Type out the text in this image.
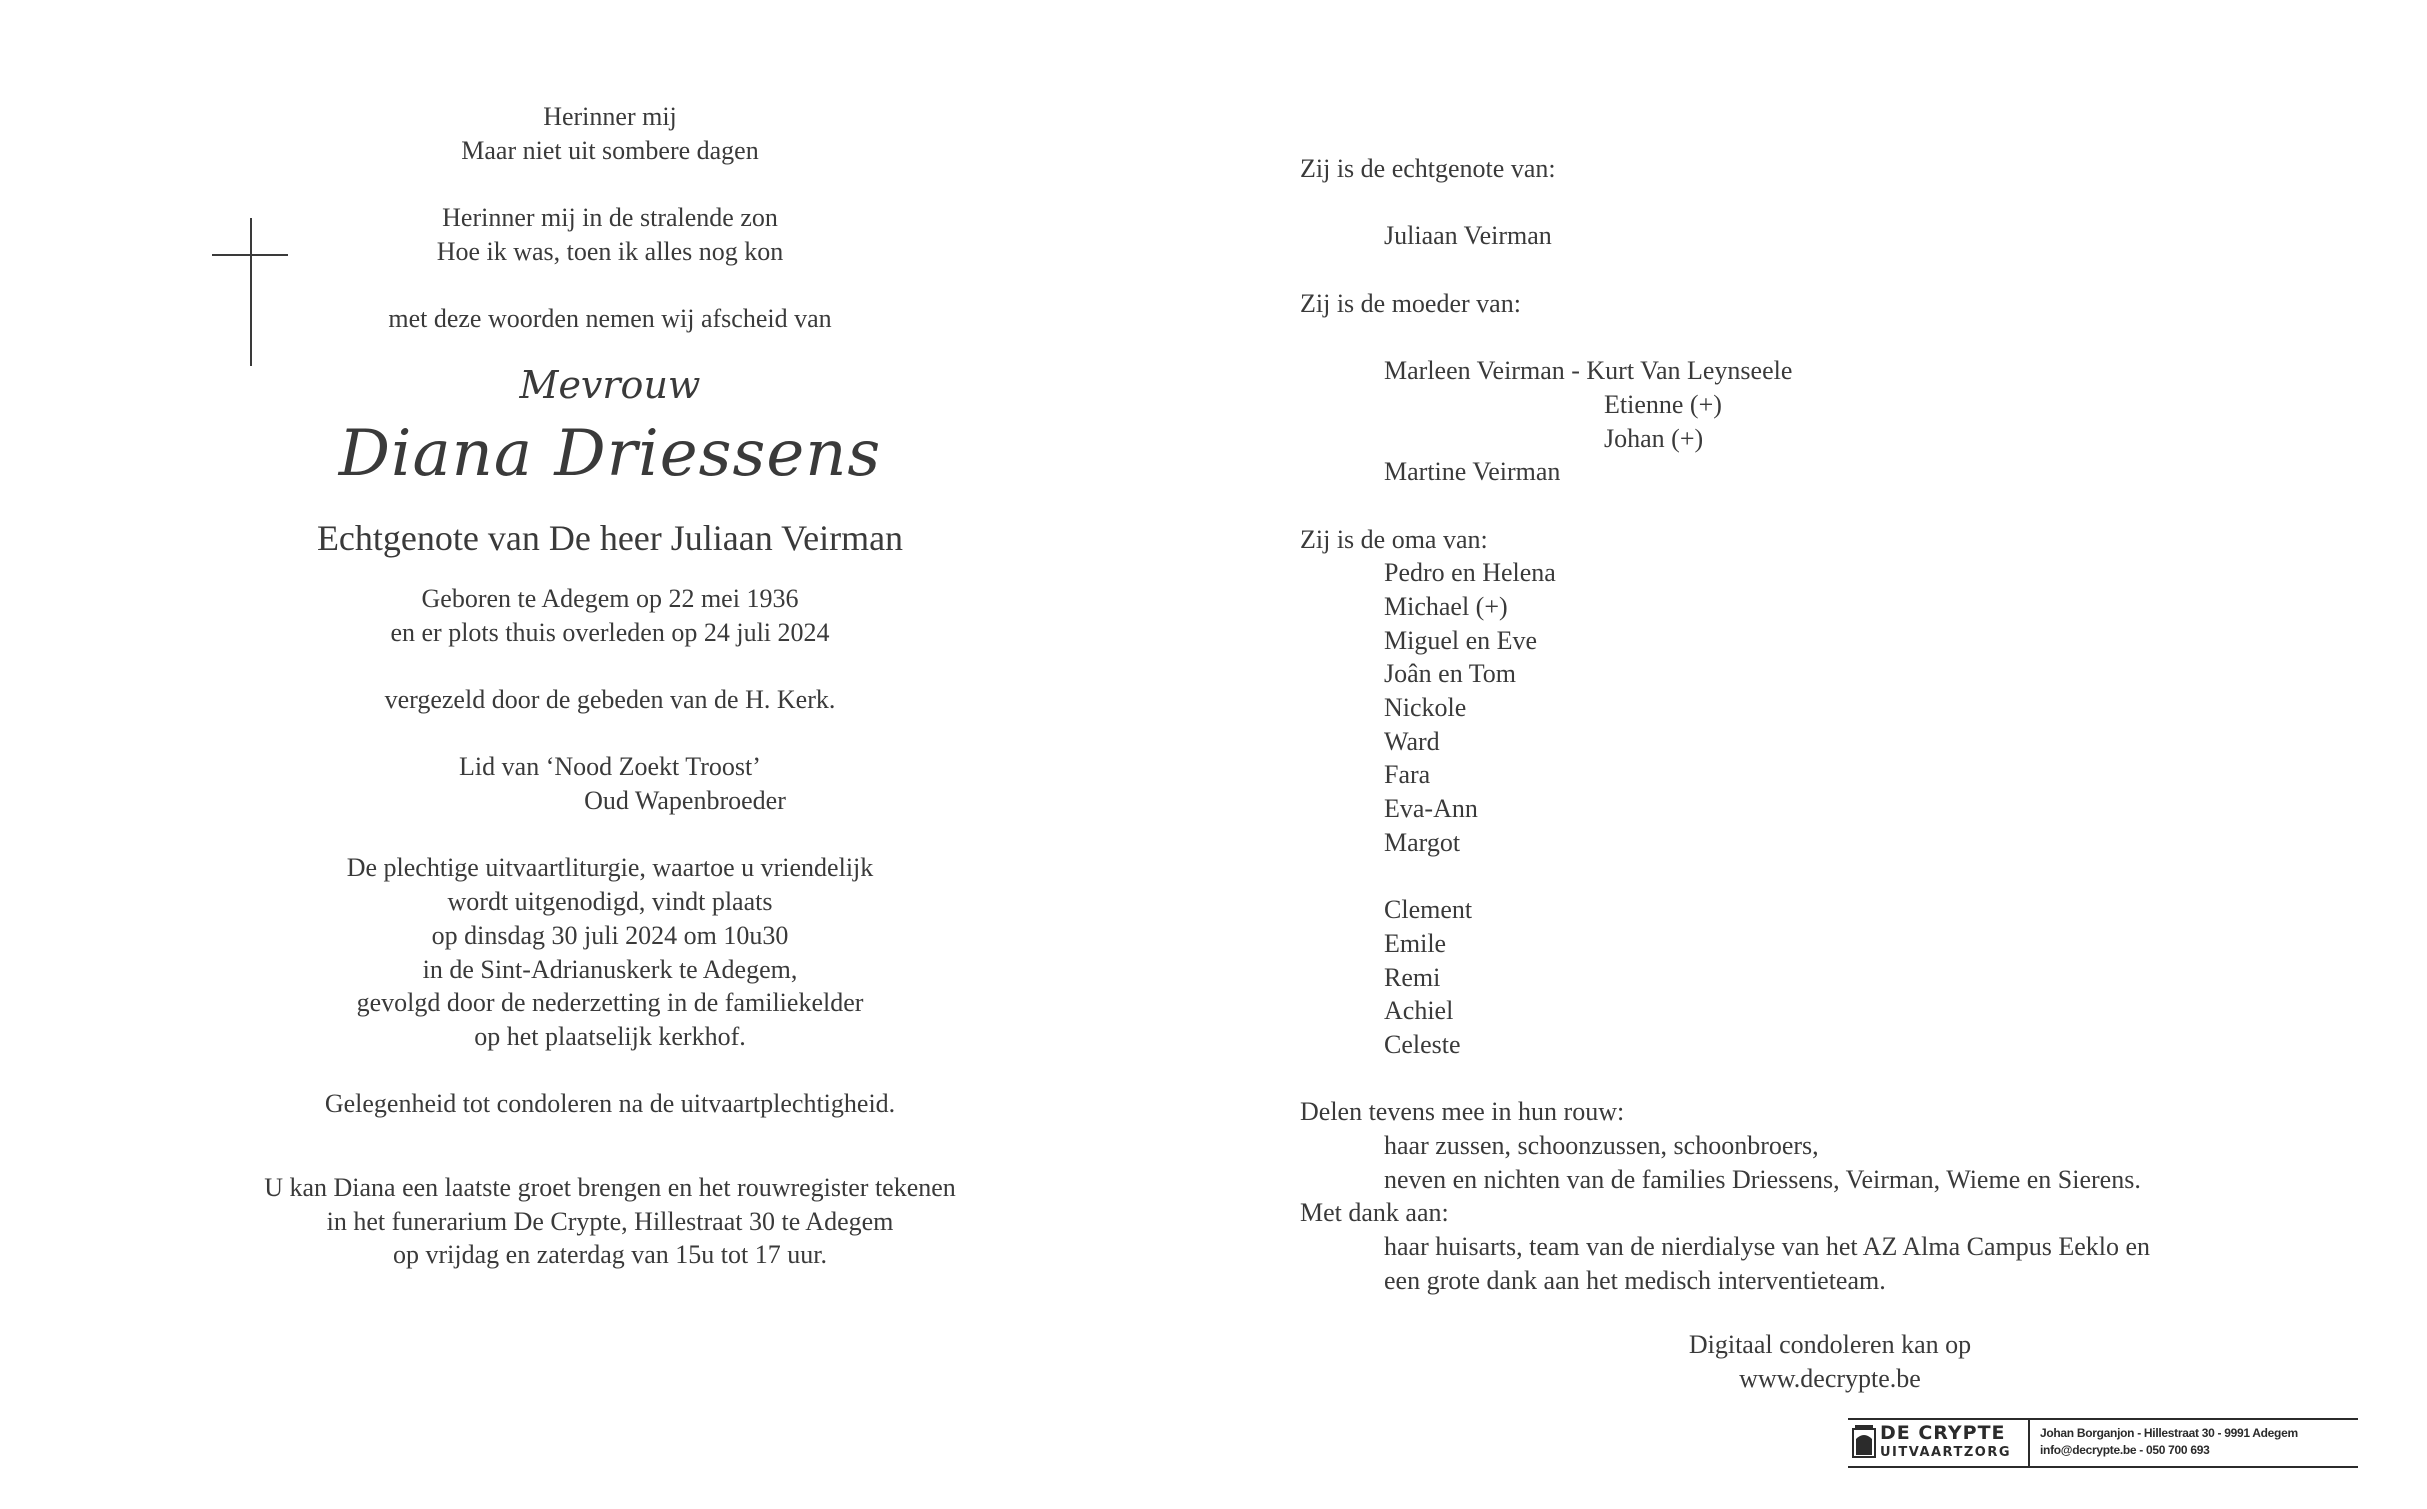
Herinner mij
Maar niet uit sombere dagen
Herinner mij in de stralende zon
Hoe ik was, toen ik alles nog kon
met deze woorden nemen wij afscheid van
Mevrouw
Diana Driessens
Echtgenote van De heer Juliaan Veirman
Geboren te Adegem op 22 mei 1936
en er plots thuis overleden op 24 juli 2024
vergezeld door de gebeden van de H. Kerk.
Lid van ‘Nood Zoekt Troost’
Oud Wapenbroeder
De plechtige uitvaartliturgie, waartoe u vriendelijk
wordt uitgenodigd, vindt plaats
op dinsdag 30 juli 2024 om 10u30
in de Sint-Adrianuskerk te Adegem,
gevolgd door de nederzetting in de familiekelder
op het plaatselijk kerkhof.
Gelegenheid tot condoleren na de uitvaartplechtigheid.
U kan Diana een laatste groet brengen en het rouwregister tekenen
in het funerarium De Crypte, Hillestraat 30 te Adegem
op vrijdag en zaterdag van 15u tot 17 uur.
Zij is de echtgenote van:
Juliaan Veirman
Zij is de moeder van:
Marleen Veirman - Kurt Van Leynseele
Etienne (+)
Johan (+)
Martine Veirman
Zij is de oma van:
Pedro en Helena
Michael (+)
Miguel en Eve
Joân en Tom
Nickole
Ward
Fara
Eva-Ann
Margot
Clement
Emile
Remi
Achiel
Celeste
Delen tevens mee in hun rouw:
haar zussen, schoonzussen, schoonbroers,
neven en nichten van de families Driessens, Veirman, Wieme en Sierens.
Met dank aan:
haar huisarts, team van de nierdialyse van het AZ Alma Campus Eeklo en
een grote dank aan het medisch interventieteam.
Digitaal condoleren kan op
www.decrypte.be
DE CRYPTE
UITVAARTZORG
Johan Borganjon - Hillestraat 30 - 9991 Adegem
info@decrypte.be - 050 700 693
